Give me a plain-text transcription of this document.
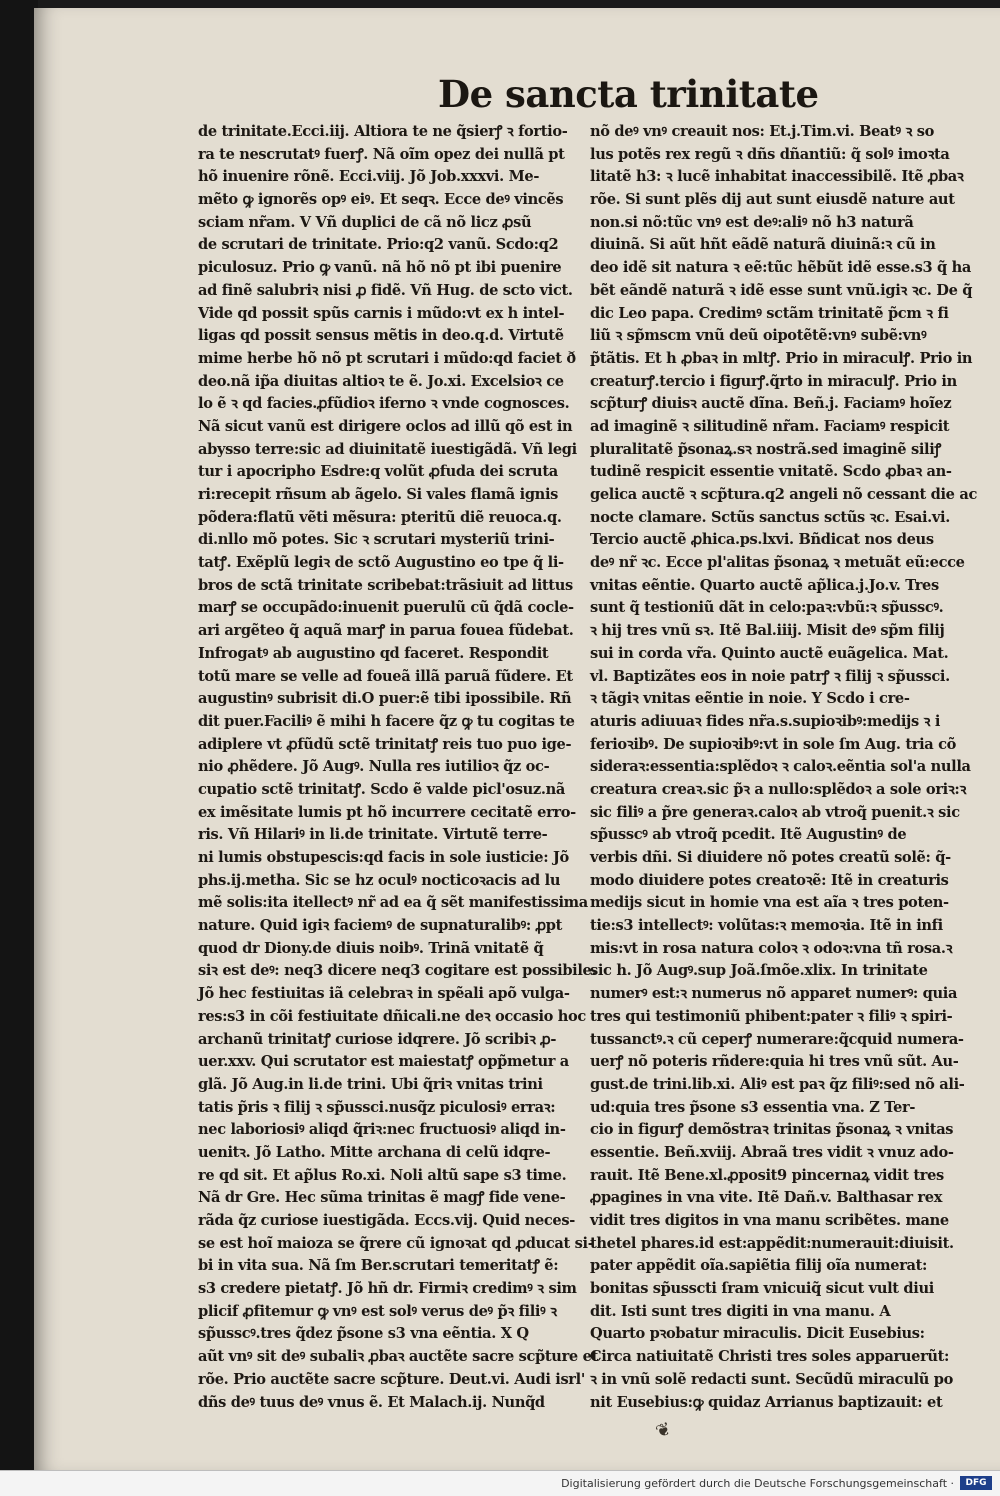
De sancta trinitate
de trinitate.Ecci.iij. Altiora te ne q̃sierꝭ ꝛ fortio-
ra te nescrutatꝰ fuerꝭ. Nã oĩm opez dei nullã pt
hõ inuenire rõnẽ. Ecci.viij. Jõ Job.xxxvi. Me-
mẽto ꝙ ignorẽs opꝰ eiꝰ. Et seqꝛ. Ecce deꝰ vincẽs
sciam nr̃am. V Vñ duplici de cã nõ licz ꝓsũ
de scrutari de trinitate. Prio:q2 vanũ. Scdo:q2
piculosuz. Prio ꝙ vanũ. nã hõ nõ pt ibi puenire
ad finẽ salubriꝛ nisi ꝓ fidẽ. Vñ Hug. de scto vict.
Vide qd possit spũs carnis i mũdo:vt ex h intel-
ligas qd possit sensus mẽtis in deo.q.d. Virtutẽ
mime herbe hõ nõ pt scrutari i mũdo:qd faciet ð
deo.nã ip̃a diuitas altioꝛ te ẽ. Jo.xi. Excelsioꝛ ce
lo ẽ ꝛ qd facies.ꝓfũdioꝛ iferno ꝛ vnde cognosces.
Nã sicut vanũ est dirigere oclos ad illũ qõ est in
abysso terre:sic ad diuinitatẽ iuestigãdã. Vñ legi
tur i apocripho Esdre:q volũt ꝓfuda dei scruta
ri:recepit rñsum ab ãgelo. Si vales flamã ignis
põdera:flatũ vẽti mẽsura: pteritũ diẽ reuoca.q.
di.nllo mõ potes. Sic ꝛ scrutari mysteriũ trini-
tatꝭ. Exẽplũ legiꝛ de sctõ Augustino eo tpe q̃ li-
bros de sctã trinitate scribebat:trãsiuit ad littus
marꝭ se occupãdo:inuenit puerulũ cũ q̃dã cocle-
ari argẽteo q̃ aquã marꝭ in parua fouea fũdebat.
Infrogatꝰ ab augustino qd faceret. Respondit
totũ mare se velle ad foueã illã paruã fũdere. Et
augustinꝰ subrisit di.O puer:ẽ tibi ipossibile. Rñ
dit puer.Faciliꝰ ẽ mihi h facere q̃z ꝙ tu cogitas te
adiplere vt ꝓfũdũ sctẽ trinitatꝭ reis tuo puo ige-
nio ꝓhẽdere. Jõ Augꝰ. Nulla res iutilioꝛ q̃z oc-
cupatio sctẽ trinitatꝭ. Scdo ẽ valde picl'osuz.nã
ex imẽsitate lumis pt hõ incurrere cecitatẽ erro-
ris. Vñ Hilariꝰ in li.de trinitate. Virtutẽ terre-
ni lumis obstupescis:qd facis in sole iusticie: Jõ
phs.ij.metha. Sic se hz oculꝰ nocticoꝛacis ad lu
mẽ solis:ita itellectꝰ nr̃ ad ea q̃ sẽt manifestissima
nature. Quid igiꝛ faciemꝰ de supnaturalibꝰ: ꝓpt
quod dr Diony.de diuis noibꝰ. Trinã vnitatẽ q̃
siꝛ est deꝰ: neq3 dicere neq3 cogitare est possibile.
Jõ hec festiuitas iã celebraꝛ in spẽali apõ vulga-
res:s3 in cõi festiuitate dñicali.ne deꝛ occasio hoc
archanũ trinitatꝭ curiose idqrere. Jõ scribiꝛ ꝓ-
uer.xxv. Qui scrutator est maiestatꝭ opp̃metur a
glã. Jõ Aug.in li.de trini. Ubi q̃riꝛ vnitas trini
tatis p̃ris ꝛ filij ꝛ sp̃ussci.nusq̃z piculosiꝰ erraꝛ:
nec laboriosiꝰ aliqd q̃riꝛ:nec fructuosiꝰ aliqd in-
uenitꝛ. Jõ Latho. Mitte archana di celũ idqre-
re qd sit. Et ap̃lus Ro.xi. Noli altũ sape s3 time.
Nã dr Gre. Hec sũma trinitas ẽ magꝭ fide vene-
rãda q̃z curiose iuestigãda. Eccs.vij. Quid neces-
se est hoĩ maioza se q̃rere cũ ignoꝛat qd ꝓducat si-
bi in vita sua. Nã ſm Ber.scrutari temeritatꝭ ẽ:
s3 credere pietatꝭ. Jõ hñ dr. Firmiꝛ credimꝰ ꝛ sim
plicif ꝓfitemur ꝙ vnꝰ est solꝰ verus deꝰ p̃ꝛ filiꝰ ꝛ
sp̃usscꝰ.tres q̃dez p̃sone s3 vna eẽntia. X Q
aũt vnꝰ sit deꝰ subaliꝛ ꝓbaꝛ auctẽte sacre scp̃ture et
rõe. Prio auctẽte sacre scp̃ture. Deut.vi. Audi isrl'
dñs deꝰ tuus deꝰ vnus ẽ. Et Malach.ij. Nunq̃d
nõ deꝰ vnꝰ creauit nos: Et.j.Tim.vi. Beatꝰ ꝛ so
lus potẽs rex regũ ꝛ dñs dñantiũ: q̃ solꝰ imoꝛta
litatẽ h3: ꝛ lucẽ inhabitat inaccessibilẽ. Itẽ ꝓbaꝛ
rõe. Si sunt plẽs dij aut sunt eiusdẽ nature aut
non.si nõ:tũc vnꝰ est deꝰ:aliꝰ nõ h3 naturã
diuinã. Si aũt hñt eãdẽ naturã diuinã:ꝛ cũ in
deo idẽ sit natura ꝛ eẽ:tũc hẽbũt idẽ esse.s3 q̃ ha
bẽt eãndẽ naturã ꝛ idẽ esse sunt vnũ.igiꝛ ꝛc. De q̃
dic Leo papa. Credimꝰ sctãm trinitatẽ p̃cm ꝛ fi
liũ ꝛ sp̃mscm vnũ deũ oipotẽtẽ:vnꝰ subẽ:vnꝰ
p̃tãtis. Et h ꝓbaꝛ in mltꝭ. Prio in miraculꝭ. Prio in
creaturꝭ.tercio i figurꝭ.q̃rto in miraculꝭ. Prio in
scp̃turꝭ diuisꝛ auctẽ dĩna. Beñ.j. Faciamꝰ hoĩez
ad imaginẽ ꝛ silitudinẽ nr̃am. Faciamꝰ respicit
pluralitatẽ p̃sonaꝝ.sꝛ nostrã.sed imaginẽ siliꝭ
tudinẽ respicit essentie vnitatẽ. Scdo ꝓbaꝛ an-
gelica auctẽ ꝛ scp̃tura.q2 angeli nõ cessant die ac
nocte clamare. Sctũs sanctus sctũs ꝛc. Esai.vi.
Tercio auctẽ ꝓhica.ps.lxvi. Bñdicat nos deus
deꝰ nr̃ ꝛc. Ecce pl'alitas p̃sonaꝝ ꝛ metuãt eũ:ecce
vnitas eẽntie. Quarto auctẽ ap̃lica.j.Jo.v. Tres
sunt q̃ testioniũ dãt in celo:paꝛ:vbũ:ꝛ sp̃usscꝰ.
ꝛ hij tres vnũ sꝛ. Itẽ Bal.iiij. Misit deꝰ sp̃m filij
sui in corda vr̃a. Quinto auctẽ euãgelica. Mat.
vl. Baptizãtes eos in noie patrꝭ ꝛ filij ꝛ sp̃ussci.
ꝛ tãgiꝛ vnitas eẽntie in noie. Y Scdo i cre-
aturis adiuuaꝛ fides nr̃a.s.supioꝛibꝰ:medijs ꝛ i
ferioꝛibꝰ. De supioꝛibꝰ:vt in sole ſm Aug. tria cõ
sideraꝛ:essentia:splẽdoꝛ ꝛ caloꝛ.eẽntia sol'a nulla
creatura creaꝛ.sic p̃ꝛ a nullo:splẽdoꝛ a sole oriꝛ:ꝛ
sic filiꝰ a p̃re generaꝛ.caloꝛ ab vtroq̃ puenit.ꝛ sic
sp̃usscꝰ ab vtroq̃ pcedit. Itẽ Augustinꝰ de
verbis dñi. Si diuidere nõ potes creatũ solẽ: q̃-
modo diuidere potes creatoꝛẽ: Itẽ in creaturis
medijs sicut in homie vna est aĩa ꝛ tres poten-
tie:s3 intellectꝰ: volũtas:ꝛ memoꝛia. Itẽ in infi
mis:vt in rosa natura coloꝛ ꝛ odoꝛ:vna tñ rosa.ꝛ
sic h. Jõ Augꝰ.sup Joã.ſmõe.xlix. In trinitate
numerꝰ est:ꝛ numerus nõ apparet numerꝰ: quia
tres qui testimoniũ phibent:pater ꝛ filiꝰ ꝛ spiri-
tussanctꝰ.ꝛ cũ ceperꝭ numerare:q̃cquid numera-
uerꝭ nõ poteris rñdere:quia hi tres vnũ sũt. Au-
gust.de trini.lib.xi. Aliꝰ est paꝛ q̃z filiꝰ:sed nõ ali-
ud:quia tres p̃sone s3 essentia vna. Z Ter-
cio in figurꝭ demõstraꝛ trinitas p̃sonaꝝ ꝛ vnitas
essentie. Beñ.xviij. Abraã tres vidit ꝛ vnuz ado-
rauit. Itẽ Bene.xl.ꝓposit9 pincernaꝝ vidit tres
ꝓpagines in vna vite. Itẽ Dañ.v. Balthasar rex
vidit tres digitos in vna manu scribẽtes. mane
thetel phares.id est:appẽdit:numerauit:diuisit.
pater appẽdit oĩa.sapiẽtia filij oĩa numerat:
bonitas sp̃usscti ſram vnicuiq̃ sicut vult diui
dit. Isti sunt tres digiti in vna manu. A
Quarto pꝛobatur miraculis. Dicit Eusebius:
Circa natiuitatẽ Christi tres soles apparuerũt:
ꝛ in vnũ solẽ redacti sunt. Secũdũ miraculũ po
nit Eusebius:ꝙ quidaz Arrianus baptizauit: et
❦
Digitalisierung gefördert durch die Deutsche Forschungsgemeinschaft ·	DFG
